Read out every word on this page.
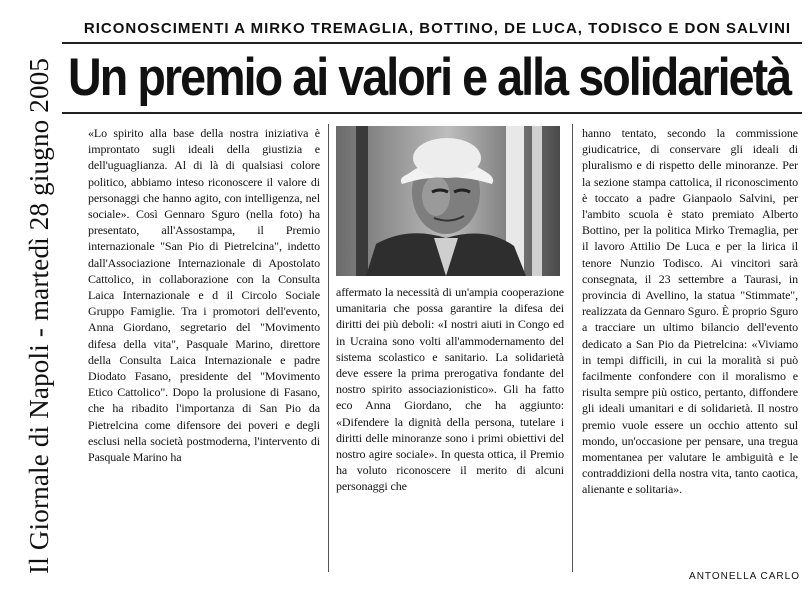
Il Giornale di Napoli - martedì 28 giugno 2005
RICONOSCIMENTI A MIRKO TREMAGLIA, BOTTINO, DE LUCA, TODISCO E DON SALVINI
Un premio ai valori e alla solidarietà

«Lo spirito alla base della nostra iniziativa è improntato sugli ideali della giustizia e dell'uguaglianza. Al di là di qualsiasi colore politico, abbiamo inteso riconoscere il valore di personaggi che hanno agito, con intelligenza, nel sociale». Così Gennaro Sguro (nella foto) ha presentato, all'Assostampa, il Premio internazionale "San Pio di Pietrelcina", indetto dall'Associazione Internazionale di Apostolato Cattolico, in collaborazione con la Consulta Laica Internazionale e d il Circolo Sociale Gruppo Famiglie. Tra i promotori dell'evento, Anna Giordano, segretario del "Movimento difesa della vita", Pasquale Marino, direttore della Consulta Laica Internazionale e padre Diodato Fasano, presidente del "Movimento Etico Cattolico". Dopo la prolusione di Fasano, che ha ribadito l'importanza di San Pio da Pietrelcina come difensore dei poveri e degli esclusi nella società postmoderna, l'intervento di Pasquale Marino ha

affermato la necessità di un'ampia cooperazione umanitaria che possa garantire la difesa dei diritti dei più deboli: «I nostri aiuti in Congo ed in Ucraina sono volti all'ammodernamento del sistema scolastico e sanitario. La solidarietà deve essere la prima prerogativa fondante del nostro spirito associazionistico». Gli ha fatto eco Anna Giordano, che ha aggiunto: «Difendere la dignità della persona, tutelare i diritti delle minoranze sono i primi obiettivi del nostro agire sociale». In questa ottica, il Premio ha voluto riconoscere il merito di alcuni personaggi che

hanno tentato, secondo la commissione giudicatrice, di conservare gli ideali di pluralismo e di rispetto delle minoranze. Per la sezione stampa cattolica, il riconoscimento è toccato a padre Gianpaolo Salvini, per l'ambito scuola è stato premiato Alberto Bottino, per la politica Mirko Tremaglia, per il lavoro Attilio De Luca e per la lirica il tenore Nunzio Todisco. Ai vincitori sarà consegnata, il 23 settembre a Taurasi, in provincia di Avellino, la statua "Stimmate", realizzata da Gennaro Sguro. È proprio Sguro a tracciare un ultimo bilancio dell'evento dedicato a San Pio da Pietrelcina: «Viviamo in tempi difficili, in cui la moralità si può facilmente confondere con il moralismo e risulta sempre più ostico, pertanto, diffondere gli ideali umanitari e di solidarietà. Il nostro premio vuole essere un occhio attento sul mondo, un'occasione per pensare, una tregua momentanea per valutare le ambiguità e le contraddizioni della nostra vita, tanto caotica, alienante e solitaria».

ANTONELLA CARLO
